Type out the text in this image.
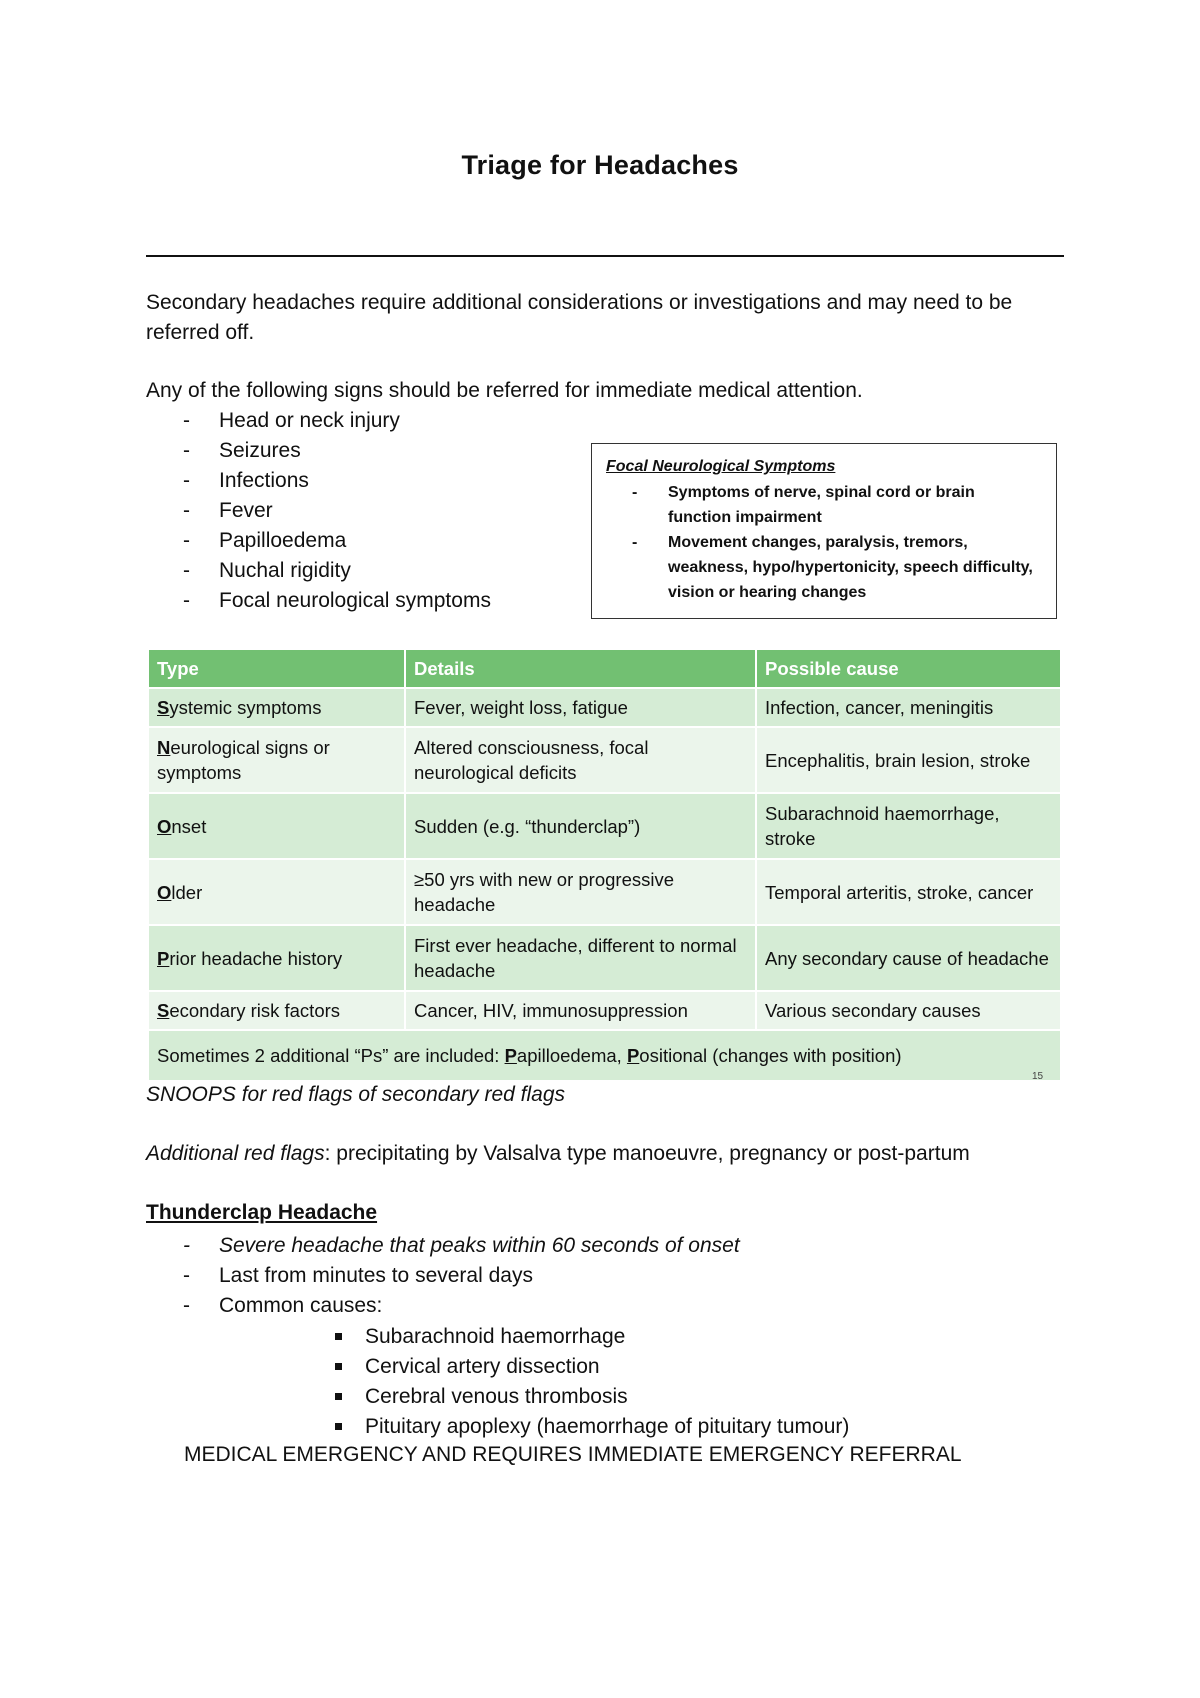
Triage for Headaches
Secondary headaches require additional considerations or investigations and may need to be referred off.
Any of the following signs should be referred for immediate medical attention.
- Head or neck injury
- Seizures
- Infections
- Fever
- Papilloedema
- Nuchal rigidity
- Focal neurological symptoms
Focal Neurological Symptoms
- Symptoms of nerve, spinal cord or brain function impairment
- Movement changes, paralysis, tremors, weakness, hypo/hypertonicity, speech difficulty, vision or hearing changes
Type	Details	Possible cause
Systemic symptoms	Fever, weight loss, fatigue	Infection, cancer, meningitis
Neurological signs or symptoms	Altered consciousness, focal neurological deficits	Encephalitis, brain lesion, stroke
Onset	Sudden (e.g. “thunderclap”)	Subarachnoid haemorrhage, stroke
Older	≥50 yrs with new or progressive headache	Temporal arteritis, stroke, cancer
Prior headache history	First ever headache, different to normal headache	Any secondary cause of headache
Secondary risk factors	Cancer, HIV, immunosuppression	Various secondary causes
Sometimes 2 additional “Ps” are included: Papilloedema, Positional (changes with position)		
15
SNOOPS for red flags of secondary red flags
Additional red flags: precipitating by Valsalva type manoeuvre, pregnancy or post-partum
Thunderclap Headache
- Severe headache that peaks within 60 seconds of onset
- Last from minutes to several days
- Common causes:
Subarachnoid haemorrhage
Cervical artery dissection
Cerebral venous thrombosis
Pituitary apoplexy (haemorrhage of pituitary tumour)
MEDICAL EMERGENCY AND REQUIRES IMMEDIATE EMERGENCY REFERRAL
